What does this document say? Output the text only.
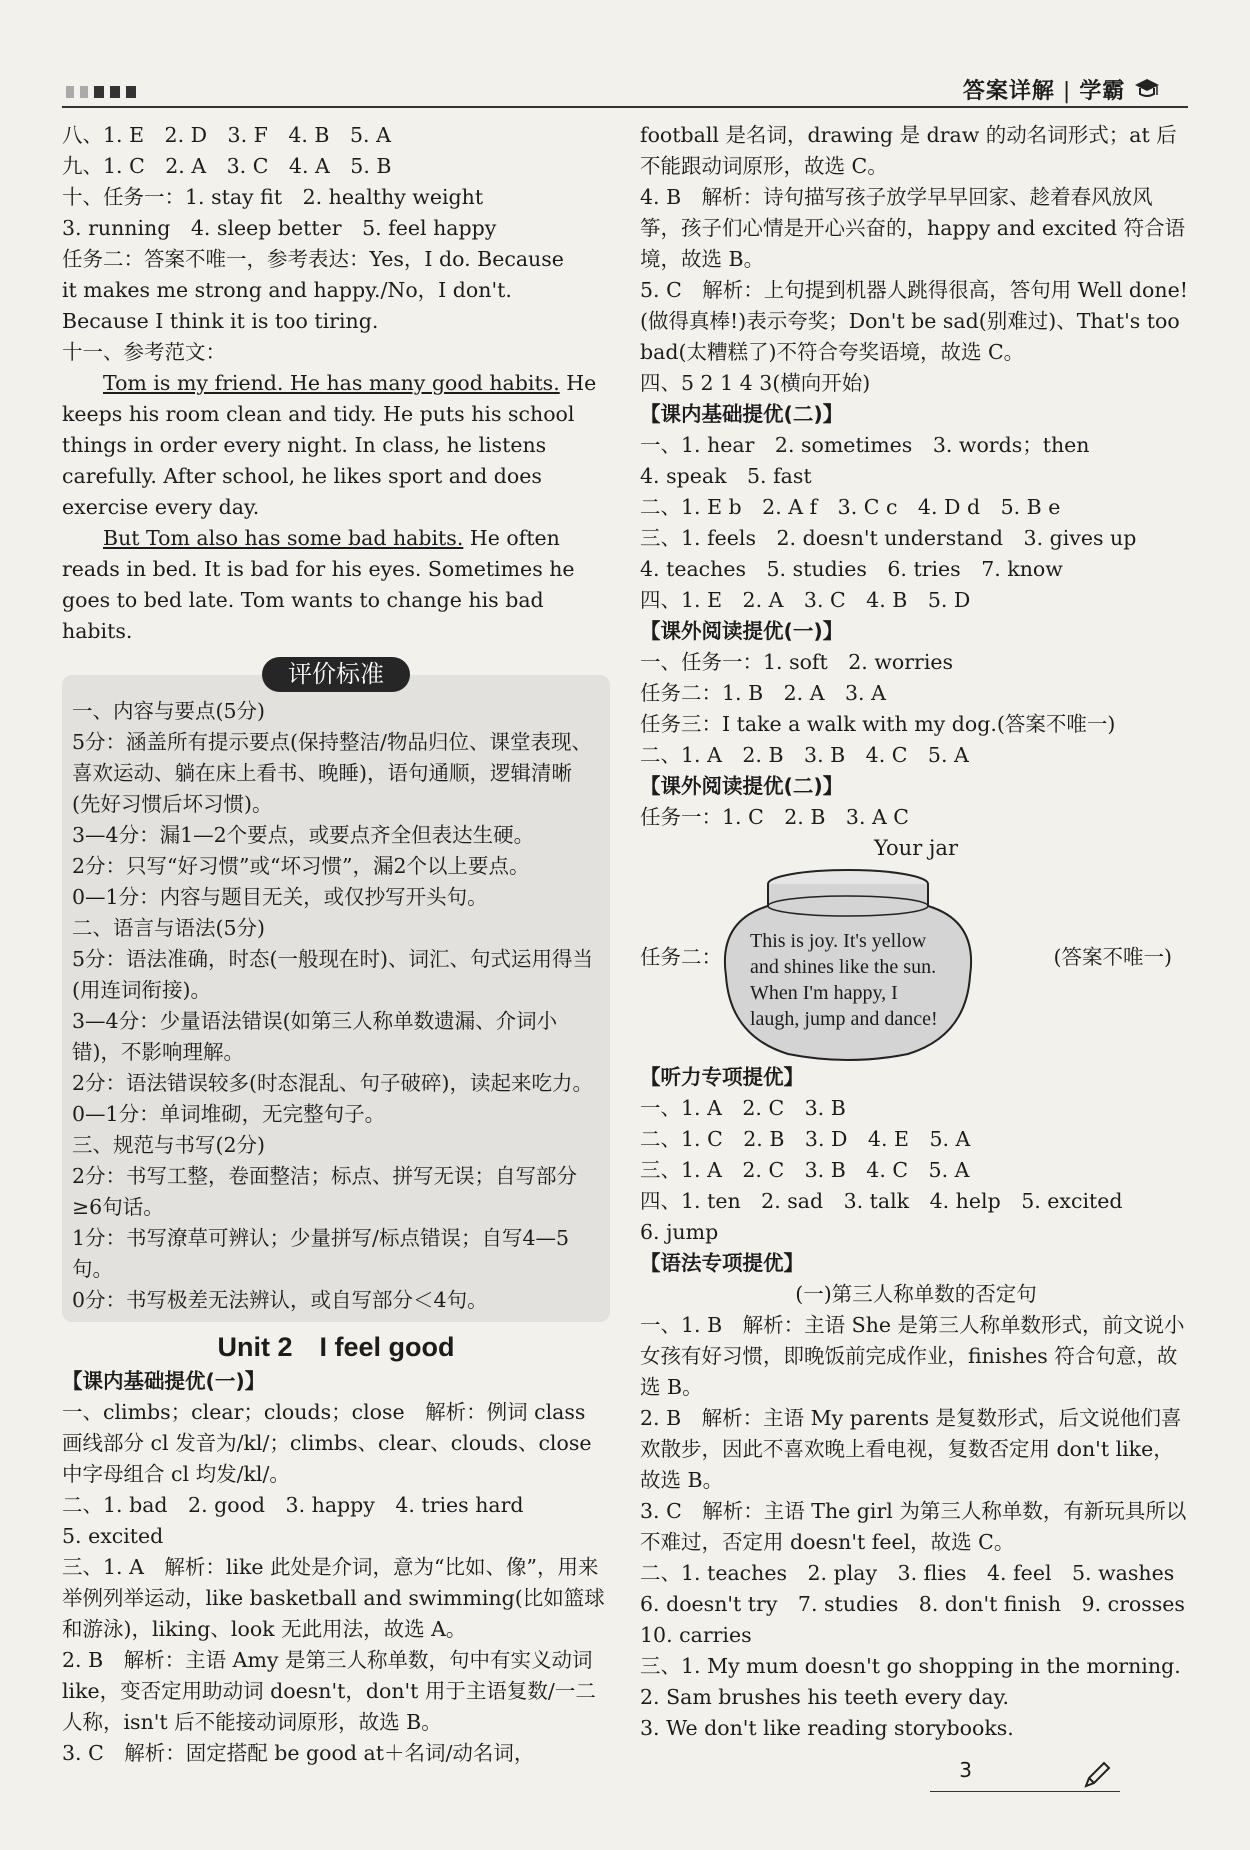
答案详解 | 学霸

八、1. E　2. D　3. F　4. B　5. A

九、1. C　2. A　3. C　4. A　5. B

十、任务一：1. stay fit　2. healthy weight

3. running　4. sleep better　5. feel happy

任务二：答案不唯一，参考表达：Yes，I do. Because

it makes me strong and happy./No，I don't.

Because I think it is too tiring.

十一、参考范文：

Tom is my friend. He has many good habits. He keeps his room clean and tidy. He puts his school things in order every night. In class, he listens carefully. After school, he likes sport and does exercise every day.

But Tom also has some bad habits. He often reads in bed. It is bad for his eyes. Sometimes he goes to bed late. Tom wants to change his bad habits.

评价标准

一、内容与要点(5分)

5分：涵盖所有提示要点(保持整洁/物品归位、课堂表现、喜欢运动、躺在床上看书、晚睡)，语句通顺，逻辑清晰(先好习惯后坏习惯)。

3—4分：漏1—2个要点，或要点齐全但表达生硬。

2分：只写“好习惯”或“坏习惯”，漏2个以上要点。

0—1分：内容与题目无关，或仅抄写开头句。

二、语言与语法(5分)

5分：语法准确，时态(一般现在时)、词汇、句式运用得当(用连词衔接)。

3—4分：少量语法错误(如第三人称单数遗漏、介词小错)，不影响理解。

2分：语法错误较多(时态混乱、句子破碎)，读起来吃力。

0—1分：单词堆砌，无完整句子。

三、规范与书写(2分)

2分：书写工整，卷面整洁；标点、拼写无误；自写部分≥6句话。

1分：书写潦草可辨认；少量拼写/标点错误；自写4—5句。

0分：书写极差无法辨认，或自写部分＜4句。

Unit 2　I feel good

【课内基础提优(一)】

一、climbs；clear；clouds；close　解析：例词 class 画线部分 cl 发音为/kl/；climbs、clear、clouds、close 中字母组合 cl 均发/kl/。

二、1. bad　2. good　3. happy　4. tries hard

5. excited

三、1. A　解析：like 此处是介词，意为“比如、像”，用来举例列举运动，like basketball and swimming(比如篮球和游泳)，liking、look 无此用法，故选 A。

2. B　解析：主语 Amy 是第三人称单数，句中有实义动词 like，变否定用助动词 doesn't，don't 用于主语复数/一二人称，isn't 后不能接动词原形，故选 B。

3. C　解析：固定搭配 be good at＋名词/动名词，

football 是名词，drawing 是 draw 的动名词形式；at 后不能跟动词原形，故选 C。

4. B　解析：诗句描写孩子放学早早回家、趁着春风放风筝，孩子们心情是开心兴奋的，happy and excited 符合语境，故选 B。

5. C　解析：上句提到机器人跳得很高，答句用 Well done!(做得真棒!)表示夸奖；Don't be sad(别难过)、That's too bad(太糟糕了)不符合夸奖语境，故选 C。

四、5 2 1 4 3(横向开始)

【课内基础提优(二)】

一、1. hear　2. sometimes　3. words；then

4. speak　5. fast

二、1. E b　2. A f　3. C c　4. D d　5. B e

三、1. feels　2. doesn't understand　3. gives up

4. teaches　5. studies　6. tries　7. know

四、1. E　2. A　3. C　4. B　5. D

【课外阅读提优(一)】

一、任务一：1. soft　2. worries

任务二：1. B　2. A　3. A

任务三：I take a walk with my dog.(答案不唯一)

二、1. A　2. B　3. B　4. C　5. A

【课外阅读提优(二)】

任务一：1. C　2. B　3. A C

Your jar
任务二：
This is joy. It's yellow and shines like the sun. When I'm happy, I laugh, jump and dance!
(答案不唯一)

【听力专项提优】

一、1. A　2. C　3. B

二、1. C　2. B　3. D　4. E　5. A

三、1. A　2. C　3. B　4. C　5. A

四、1. ten　2. sad　3. talk　4. help　5. excited

6. jump

【语法专项提优】

(一)第三人称单数的否定句

一、1. B　解析：主语 She 是第三人称单数形式，前文说小女孩有好习惯，即晚饭前完成作业，finishes 符合句意，故选 B。

2. B　解析：主语 My parents 是复数形式，后文说他们喜欢散步，因此不喜欢晚上看电视，复数否定用 don't like，故选 B。

3. C　解析：主语 The girl 为第三人称单数，有新玩具所以不难过，否定用 doesn't feel，故选 C。

二、1. teaches　2. play　3. flies　4. feel　5. washes

6. doesn't try　7. studies　8. don't finish　9. crosses

10. carries

三、1. My mum doesn't go shopping in the morning.

2. Sam brushes his teeth every day.

3. We don't like reading storybooks.

3
